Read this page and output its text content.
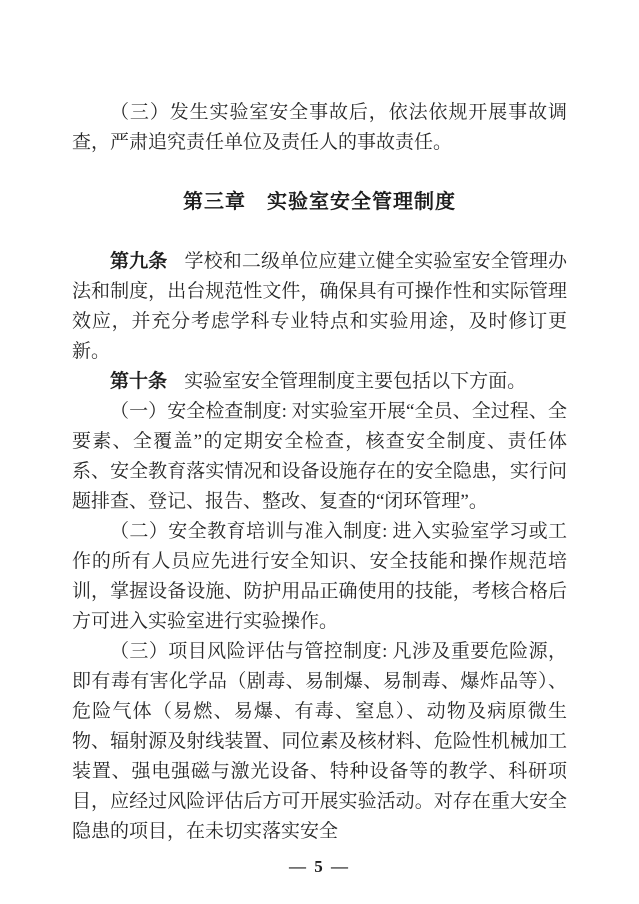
（三）发生实验室安全事故后，依法依规开展事故调查，严肃追究责任单位及责任人的事故责任。

第三章　实验室安全管理制度

第九条 学校和二级单位应建立健全实验室安全管理办法和制度，出台规范性文件，确保具有可操作性和实际管理效应，并充分考虑学科专业特点和实验用途，及时修订更新。

第十条 实验室安全管理制度主要包括以下方面。

（一）安全检查制度: 对实验室开展“全员、全过程、全要素、全覆盖”的定期安全检查，核查安全制度、责任体系、安全教育落实情况和设备设施存在的安全隐患，实行问题排查、登记、报告、整改、复查的“闭环管理”。

（二）安全教育培训与准入制度: 进入实验室学习或工作的所有人员应先进行安全知识、安全技能和操作规范培训，掌握设备设施、防护用品正确使用的技能，考核合格后方可进入实验室进行实验操作。

（三）项目风险评估与管控制度: 凡涉及重要危险源，即有毒有害化学品（剧毒、易制爆、易制毒、爆炸品等）、危险气体（易燃、易爆、有毒、窒息）、动物及病原微生物、辐射源及射线装置、同位素及核材料、危险性机械加工装置、强电强磁与激光设备、特种设备等的教学、科研项目，应经过风险评估后方可开展实验活动。对存在重大安全隐患的项目，在未切实落实安全

— 5 —
